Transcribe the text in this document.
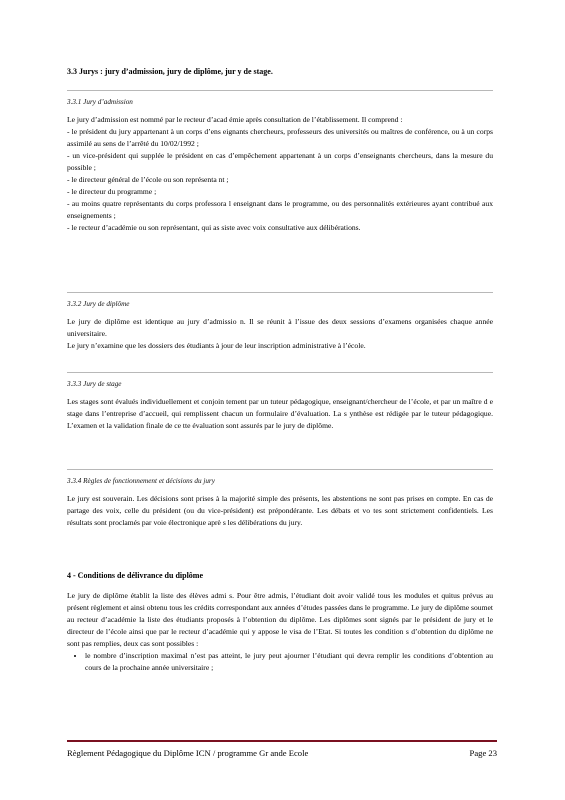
3.3 Jurys : jury d’admission, jury de diplôme, jur y de stage.

3.3.1 Jury d’admission

Le jury d’admission est nommé par le recteur d’acad émie après consultation de l’établissement. Il comprend :

- le président du jury appartenant à un corps d’ens eignants chercheurs, professeurs des universités ou maîtres de conférence, ou à un corps assimilé au sens de l’arrêté du 10/02/1992 ;

- un vice-président qui supplée le président en cas d’empêchement appartenant à un corps d’enseignants chercheurs, dans la mesure du possible ;

- le directeur général de l’école ou son représenta nt ;

- le directeur du programme ;

- au moins quatre représentants du corps professora l enseignant dans le programme, ou des personnalités extérieures ayant contribué aux enseignements ;

- le recteur d’académie ou son représentant, qui as siste avec voix consultative aux délibérations.

3.3.2 Jury de diplôme

Le jury de diplôme est identique au jury d’admissio n. Il se réunit à l’issue des deux sessions d’examens organisées chaque année universitaire.

Le jury n’examine que les dossiers des étudiants à jour de leur inscription administrative à l’école.

3.3.3 Jury de stage

Les stages sont évalués individuellement et conjoin tement par un tuteur pédagogique, enseignant/chercheur de l’école, et par un maître d e stage dans l’entreprise d’accueil, qui remplissent chacun un formulaire d’évaluation. La s ynthèse est rédigée par le tuteur pédagogique. L’examen et la validation finale de ce tte évaluation sont assurés par le jury de diplôme.

3.3.4 Règles de fonctionnement et décisions du jury

Le jury est souverain. Les décisions sont prises à la majorité simple des présents, les abstentions ne sont pas prises en compte. En cas de partage des voix, celle du président (ou du vice-président) est prépondérante. Les débats et vo tes sont strictement confidentiels. Les résultats sont proclamés par voie électronique aprè s les délibérations du jury.

4 - Conditions de délivrance du diplôme

Le jury de diplôme établit la liste des élèves admi s. Pour être admis, l’étudiant doit avoir validé tous les modules et quitus prévus au présent règlement et ainsi obtenu tous les crédits correspondant aux années d’études passées dans le programme. Le jury de diplôme soumet au recteur d’académie la liste des étudiants proposés à l’obtention du diplôme. Les diplômes sont signés par le président de jury et le directeur de l’école ainsi que par le recteur d’académie qui y appose le visa de l’Etat. Si toutes les condition s d’obtention du diplôme ne sont pas remplies, deux cas sont possibles :

• le nombre d’inscription maximal n’est pas atteint, le jury peut ajourner l’étudiant qui devra remplir les conditions d’obtention au cours de la prochaine année universitaire ;
Règlement Pédagogique du Diplôme ICN / programme Gr ande Ecole	Page 23
